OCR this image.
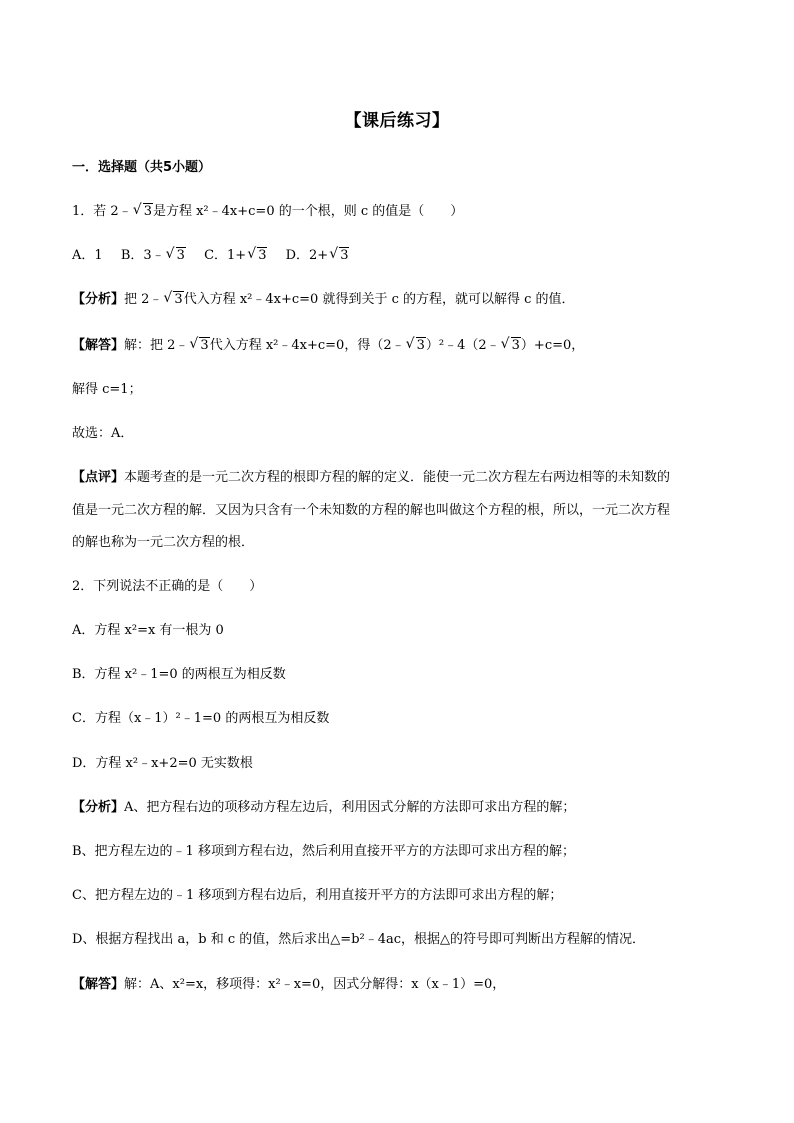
【课后练习】
一．选择题（共5小题）
1．若 2﹣ √ 3是方程 x²﹣4x+c=0 的一个根，则 c 的值是（　　）
A．1 B．3﹣ √ 3 C．1+ √ 3 D．2+ √ 3
【分析】把 2﹣ √ 3代入方程 x²﹣4x+c=0 就得到关于 c 的方程，就可以解得 c 的值．
【解答】解：把 2﹣ √ 3代入方程 x²﹣4x+c=0，得（2﹣ √ 3）²﹣4（2﹣ √ 3）+c=0，
解得 c=1；
故选：A．
【点评】本题考查的是一元二次方程的根即方程的解的定义．能使一元二次方程左右两边相等的未知数的
值是一元二次方程的解．又因为只含有一个未知数的方程的解也叫做这个方程的根，所以，一元二次方程
的解也称为一元二次方程的根．
2．下列说法不正确的是（　　）
A．方程 x²=x 有一根为 0
B．方程 x²﹣1=0 的两根互为相反数
C．方程（x﹣1）²﹣1=0 的两根互为相反数
D．方程 x²﹣x+2=0 无实数根
【分析】A、把方程右边的项移动方程左边后，利用因式分解的方法即可求出方程的解；
B、把方程左边的﹣1 移项到方程右边，然后利用直接开平方的方法即可求出方程的解；
C、把方程左边的﹣1 移项到方程右边后，利用直接开平方的方法即可求出方程的解；
D、根据方程找出 a，b 和 c 的值，然后求出△=b²﹣4ac，根据△的符号即可判断出方程解的情况．
【解答】解：A、x²=x，移项得：x²﹣x=0，因式分解得：x（x﹣1）=0，
